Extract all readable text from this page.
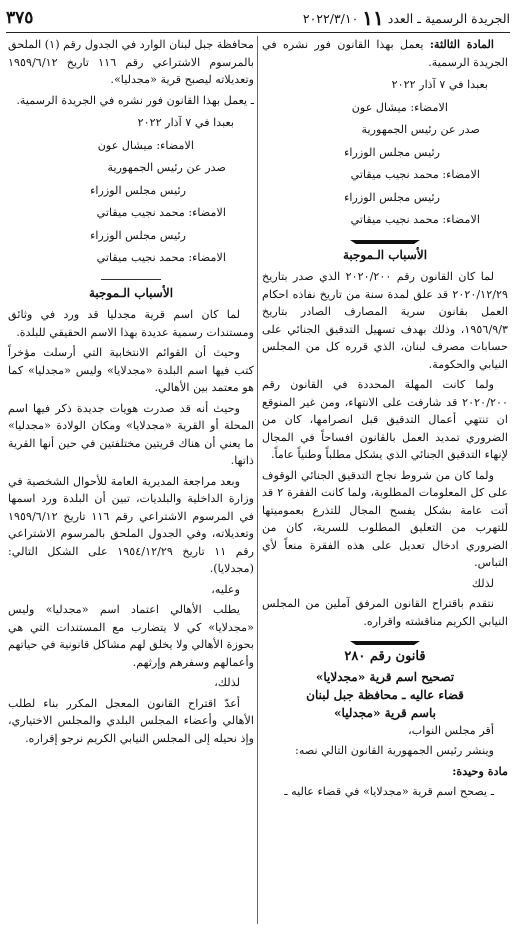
الجريدة الرسمية ـ العدد
١١
٢٠٢٢/٣/١٠
٣٧٥

المادة الثالثة: يعمل بهذا القانون فور نشره في الجريدة الرسمية.

بعبدا في ٧ آذار ٢٠٢٢

الامضاء: ميشال عون

صدر عن رئيس الجمهورية

رئيس مجلس الوزراء

الامضاء: محمد نجيب ميقاتي

رئيس مجلس الوزراء

الامضاء: محمد نجيب ميقاتي

الأسباب الـموجبة

لما كان القانون رقم ٢٠٢٠/٢٠٠ الذي صدر بتاريخ ٢٠٢٠/١٢/٢٩ قد علق لمدة سنة من تاريخ نفاذه احكام العمل بقانون سرية المصارف الصادر بتاريخ ١٩٥٦/٩/٣، وذلك بهدف تسهيل التدقيق الجنائي على حسابات مصرف لبنان، الذي قرره كل من المجلس النيابي والحكومة.

ولما كانت المهلة المحددة في القانون رقم ٢٠٢٠/٢٠٠ قد شارفت على الانتهاء، ومن غير المنوقع ان تنتهي أعمال التدقيق قبل انصرامها، كان من الضروري تمديد العمل بالقانون افساحاً في المجال لإنهاء التدقيق الجنائي الذي يشكل مطلباً وطنياً عاماً.

ولما كان من شروط نجاح التدقيق الجنائي الوقوف على كل المعلومات المطلوبة، ولما كانت الفقرة ٢ قد أتت عامة بشكل يفسح المجال للتذرع بعموميتها للتهرب من التعليق المطلوب للسرية، كان من الضروري ادخال تعديل على هذه الفقرة منعاً لأي التباس.

لذلك

نتقدم باقتراح القانون المرفق آملين من المجلس النيابي الكريم مناقشته واقراره.

قانون رقم ٢٨٠

تصحيح اسم قرية «مجدلايا»

قضاء عاليه ـ محافظة جبل لبنان

باسم قرية «مجدليا»

أقر مجلس النواب،

وينشر رئيس الجمهورية القانون التالي نصه:

مادة وحيدة:

ـ يصحح اسم قرية «مجدلايا» في قضاء عاليه ـ

محافظة جبل لبنان الوارد في الجدول رقم (١) الملحق بالمرسوم الاشتراعي رقم ١١٦ تاريخ ١٩٥٩/٦/١٢ وتعديلاته ليصبح قرية «مجدليا».

ـ يعمل بهذا القانون فور نشره في الجريدة الرسمية.

بعبدا في ٧ آذار ٢٠٢٢

الامضاء: ميشال عون

صدر عن رئيس الجمهورية

رئيس مجلس الوزراء

الامضاء: محمد نجيب ميقاتي

رئيس مجلس الوزراء

الامضاء: محمد نجيب ميقاتي

الأسباب الـموجبة

لما كان اسم قرية مجدليا قد ورد في وثائق ومستندات رسمية عديدة بهذا الاسم الحقيقي للبلدة.

وحيث أن القوائم الانتخابية التي أرسلت مؤخراً كتب فيها اسم البلدة «مجدلايا» وليس «مجدليا» كما هو معتمد بين الأهالي.

وحيث أنه قد صدرت هويات جديدة ذكر فيها اسم المحلة أو القرية «مجدلايا» ومكان الولادة «مجدليا» ما يعني أن هناك قريتين مختلفتين في حين أنها القرية ذاتها.

وبعد مراجعة المديرية العامة للأحوال الشخصية في وزارة الداخلية والبلديات، تبين أن البلدة ورد اسمها في المرسوم الاشتراعي رقم ١١٦ تاريخ ١٩٥٩/٦/١٢ وتعديلاته، وفي الجدول الملحق بالمرسوم الاشتراعي رقم ١١ تاريخ ١٩٥٤/١٢/٢٩ على الشكل التالي: (مجدلايا).

وعليه،

يطلب الأهالي اعتماد اسم «مجدليا» وليس «مجدلايا» كي لا يتضارب مع المستندات التي هي بحوزة الأهالي ولا يخلق لهم مشاكل قانونية في حياتهم وأعمالهم وسفرهم وإرثهم.

لذلك،

أعدّ اقتراح القانون المعجل المكرر بناء لطلب الأهالي وأعضاء المجلس البلدي والمجلس الاختياري، وإذ نحيله إلى المجلس النيابي الكريم نرجو إقراره.
